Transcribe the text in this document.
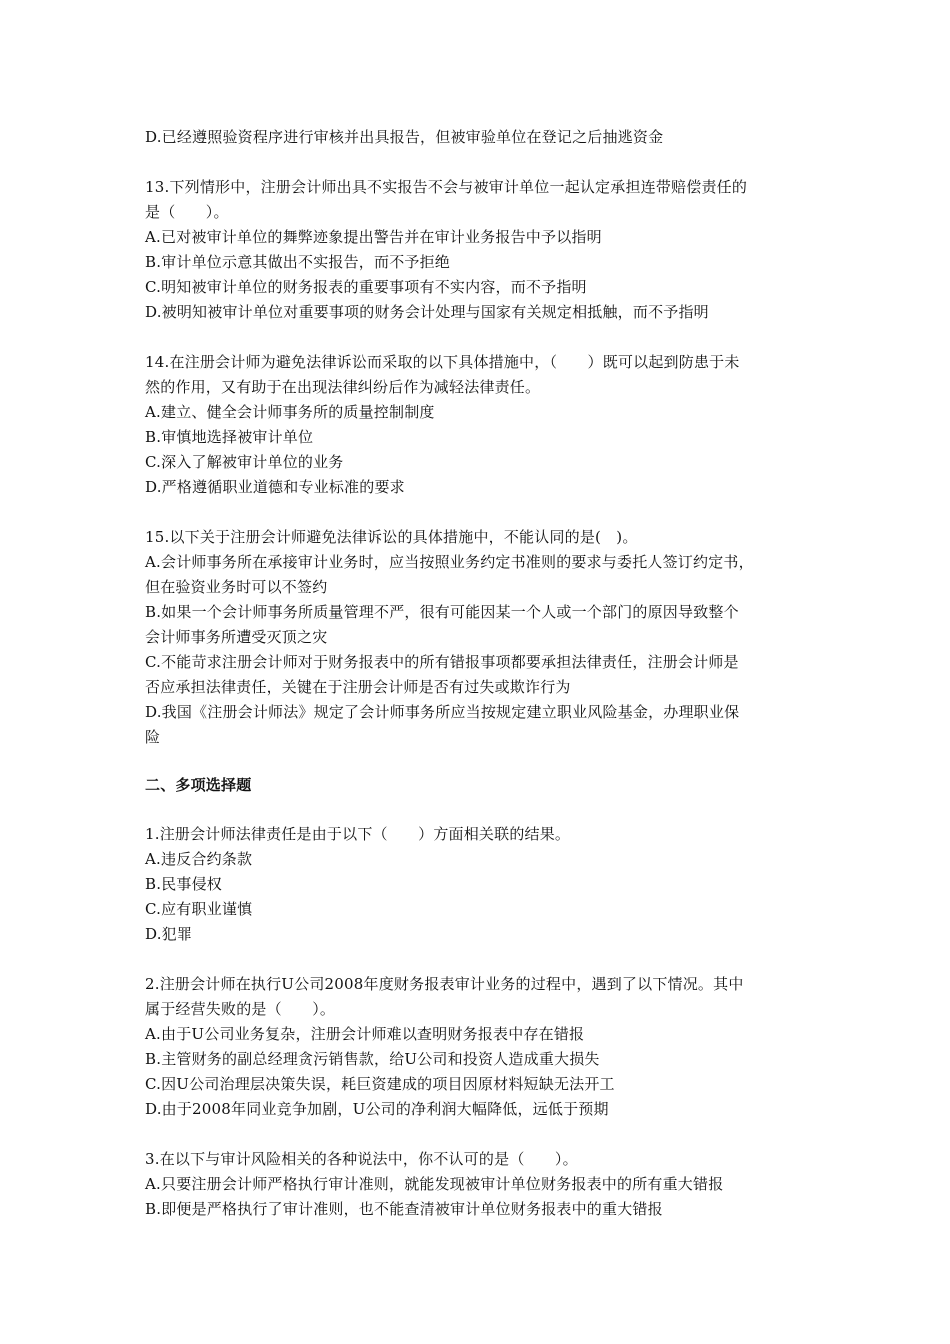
D.已经遵照验资程序进行审核并出具报告，但被审验单位在登记之后抽逃资金
13.下列情形中，注册会计师出具不实报告不会与被审计单位一起认定承担连带赔偿责任的
是（　　）。
A.已对被审计单位的舞弊迹象提出警告并在审计业务报告中予以指明
B.审计单位示意其做出不实报告，而不予拒绝
C.明知被审计单位的财务报表的重要事项有不实内容，而不予指明
D.被明知被审计单位对重要事项的财务会计处理与国家有关规定相抵触，而不予指明
14.在注册会计师为避免法律诉讼而采取的以下具体措施中，（　　）既可以起到防患于未
然的作用，又有助于在出现法律纠纷后作为减轻法律责任。
A.建立、健全会计师事务所的质量控制制度
B.审慎地选择被审计单位
C.深入了解被审计单位的业务
D.严格遵循职业道德和专业标准的要求
15.以下关于注册会计师避免法律诉讼的具体措施中，不能认同的是(　)。
A.会计师事务所在承接审计业务时，应当按照业务约定书准则的要求与委托人签订约定书，
但在验资业务时可以不签约
B.如果一个会计师事务所质量管理不严，很有可能因某一个人或一个部门的原因导致整个
会计师事务所遭受灭顶之灾
C.不能苛求注册会计师对于财务报表中的所有错报事项都要承担法律责任，注册会计师是
否应承担法律责任，关键在于注册会计师是否有过失或欺诈行为
D.我国《注册会计师法》规定了会计师事务所应当按规定建立职业风险基金，办理职业保
险
二、多项选择题
1.注册会计师法律责任是由于以下（　　）方面相关联的结果。
A.违反合约条款
B.民事侵权
C.应有职业谨慎
D.犯罪
2.注册会计师在执行U公司2008年度财务报表审计业务的过程中，遇到了以下情况。其中
属于经营失败的是（　　）。
A.由于U公司业务复杂，注册会计师难以查明财务报表中存在错报
B.主管财务的副总经理贪污销售款，给U公司和投资人造成重大损失
C.因U公司治理层决策失误，耗巨资建成的项目因原材料短缺无法开工
D.由于2008年同业竞争加剧，U公司的净利润大幅降低，远低于预期
3.在以下与审计风险相关的各种说法中，你不认可的是（　　）。
A.只要注册会计师严格执行审计准则，就能发现被审计单位财务报表中的所有重大错报
B.即便是严格执行了审计准则，也不能查清被审计单位财务报表中的重大错报
